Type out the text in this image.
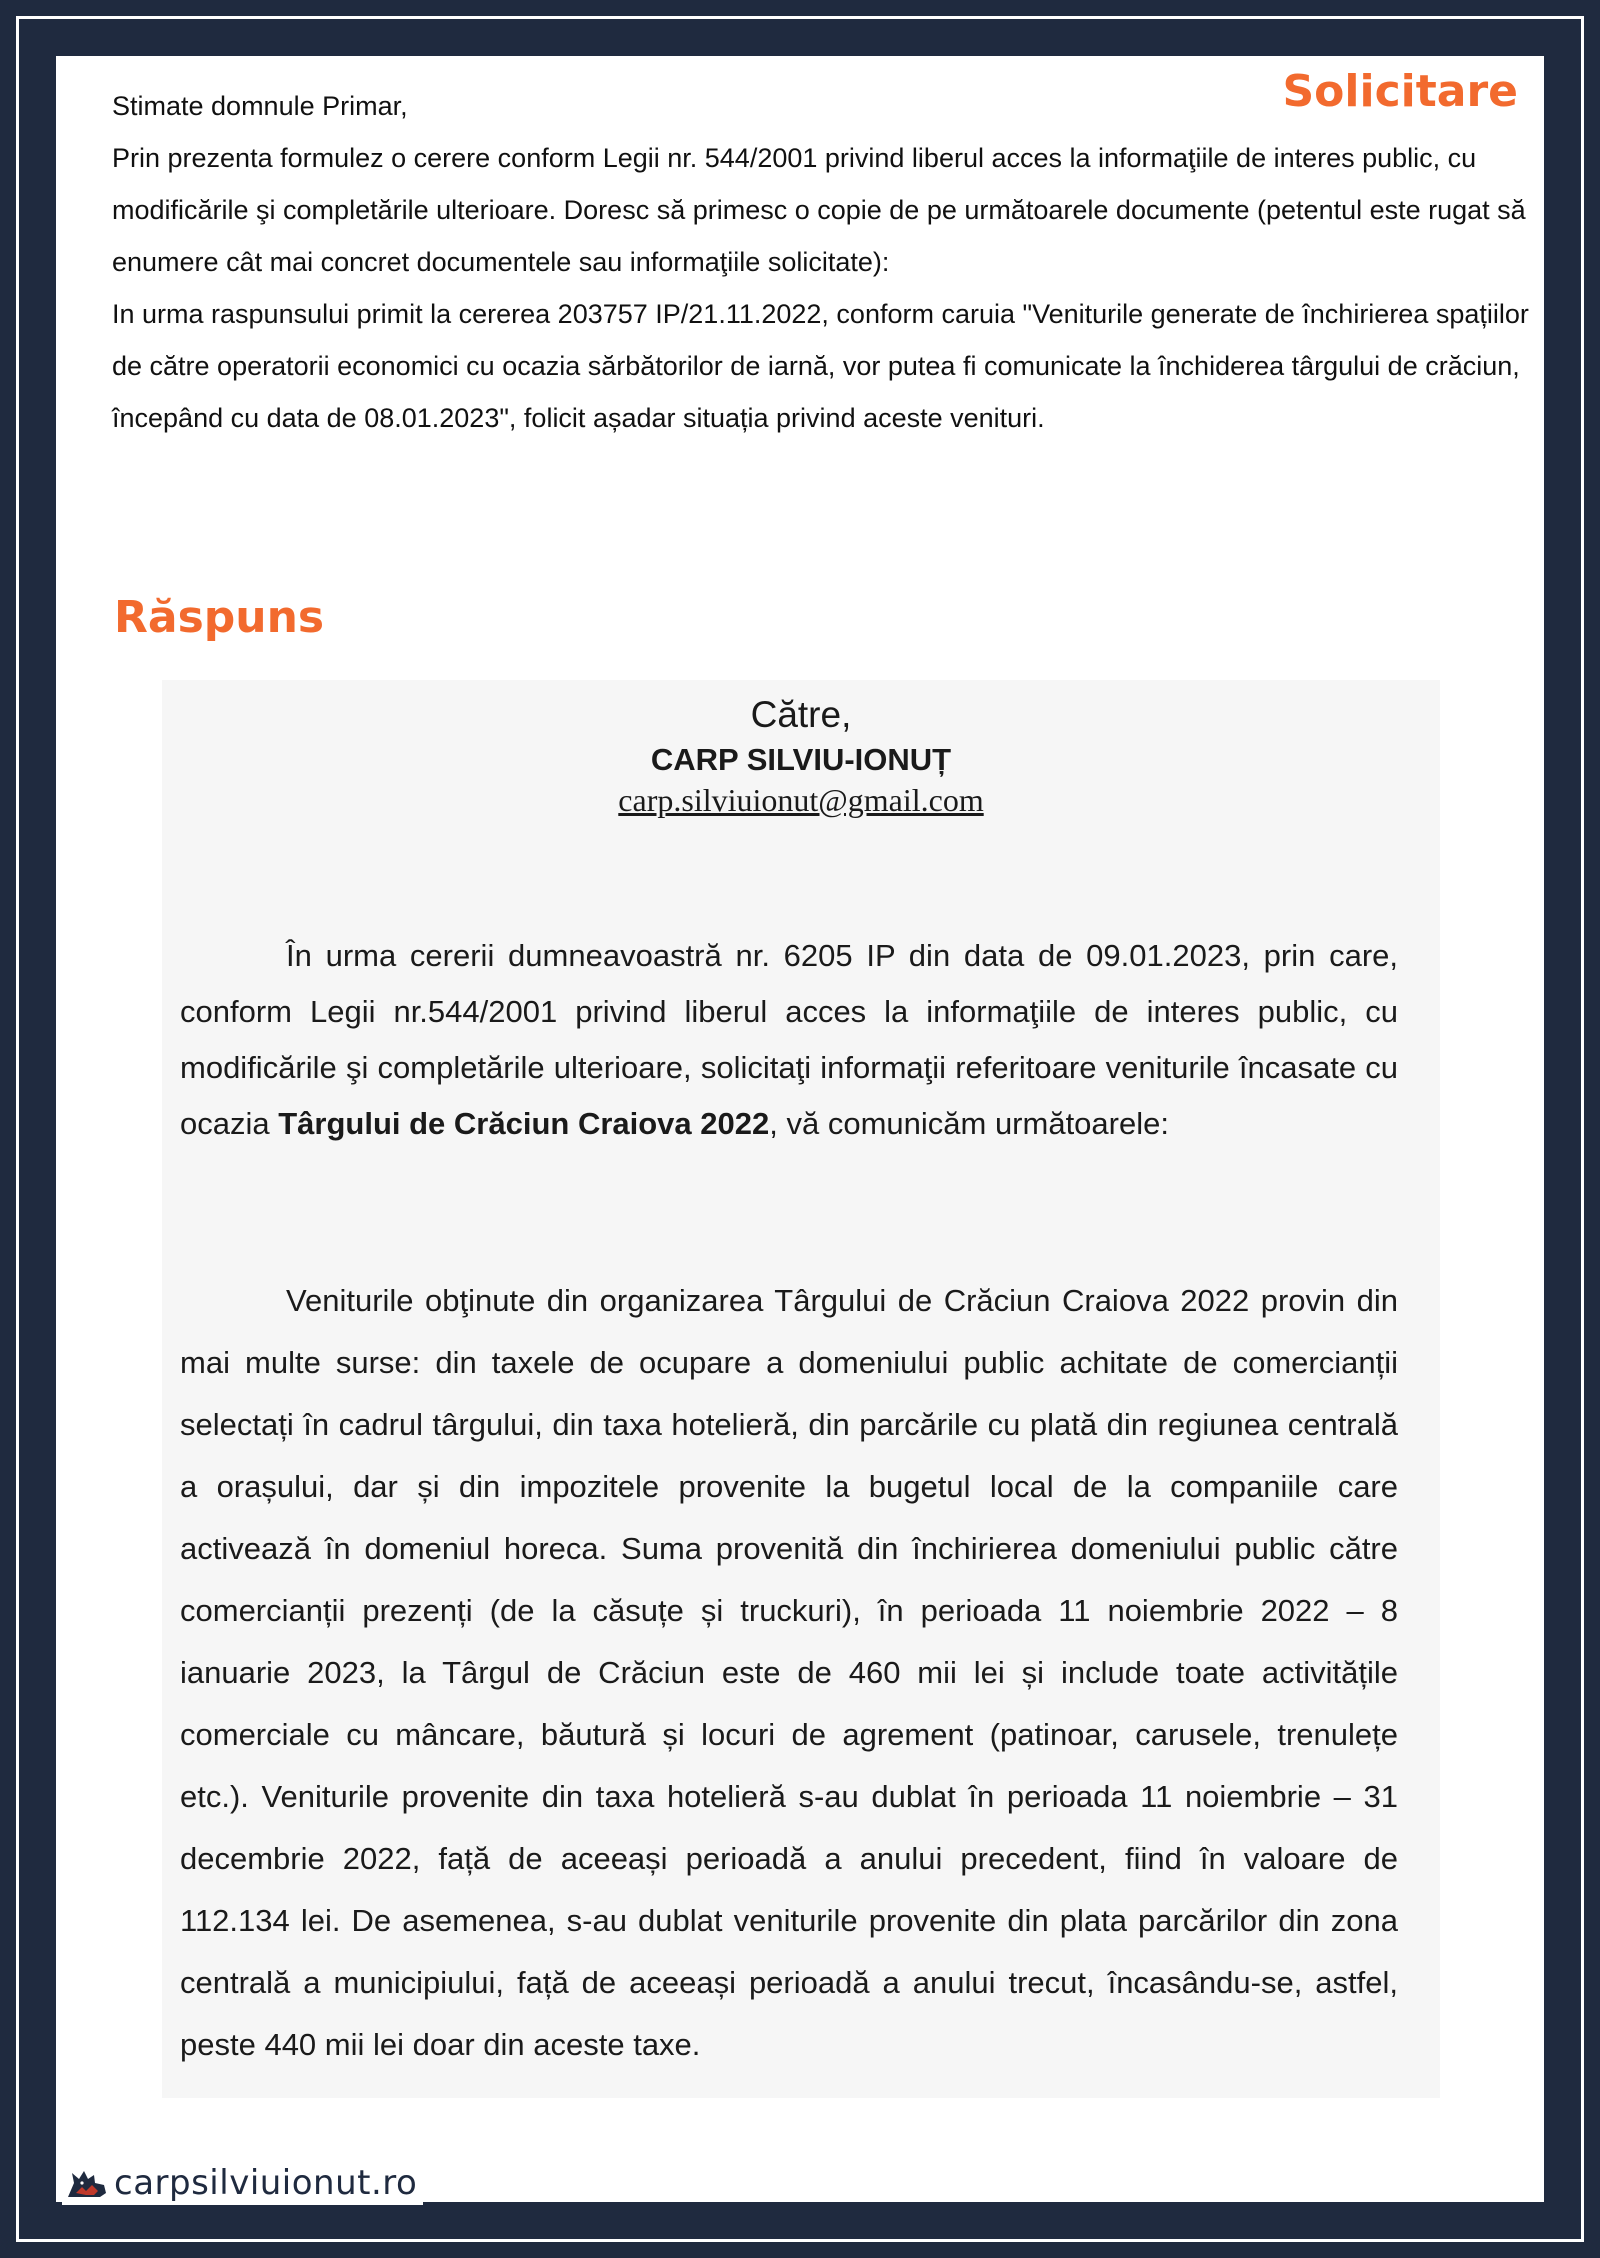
Solicitare

Stimate domnule Primar,

Prin prezenta formulez o cerere conform Legii nr. 544/2001 privind liberul acces la informaţiile de interes public, cu modificările şi completările ulterioare. Doresc să primesc o copie de pe următoarele documente (petentul este rugat să enumere cât mai concret documentele sau informaţiile solicitate):

In urma raspunsului primit la cererea 203757 IP/21.11.2022, conform caruia "Veniturile generate de închirierea spațiilor de către operatorii economici cu ocazia sărbătorilor de iarnă, vor putea fi comunicate la închiderea târgului de crăciun, începând cu data de 08.01.2023", folicit așadar situația privind aceste venituri.

Răspuns
Către,
CARP SILVIU-IONUȚ
carp.silviuionut@gmail.com

În urma cererii dumneavoastră nr. 6205 IP din data de 09.01.2023, prin care, conform Legii nr.544/2001 privind liberul acces la informaţiile de interes public, cu modificările şi completările ulterioare, solicitaţi informaţii referitoare veniturile încasate cu ocazia Târgului de Crăciun Craiova 2022, vă comunicăm următoarele:

Veniturile obţinute din organizarea Târgului de Crăciun Craiova 2022 provin din mai multe surse: din taxele de ocupare a domeniului public achitate de comercianții selectați în cadrul târgului, din taxa hotelieră, din parcările cu plată din regiunea centrală a orașului, dar și din impozitele provenite la bugetul local de la companiile care activează în domeniul horeca. Suma provenită din închirierea domeniului public către comercianții prezenți (de la căsuțe și truckuri), în perioada 11 noiembrie 2022 – 8 ianuarie 2023, la Târgul de Crăciun este de 460 mii lei și include toate activitățile comerciale cu mâncare, băutură și locuri de agrement (patinoar, carusele, trenulețe etc.). Veniturile provenite din taxa hotelieră s-au dublat în perioada 11 noiembrie – 31 decembrie 2022, față de aceeași perioadă a anului precedent, fiind în valoare de 112.134 lei. De asemenea, s-au dublat veniturile provenite din plata parcărilor din zona centrală a municipiului, față de aceeași perioadă a anului trecut, încasându-se, astfel, peste 440 mii lei doar din aceste taxe.

carpsilviuionut.ro
